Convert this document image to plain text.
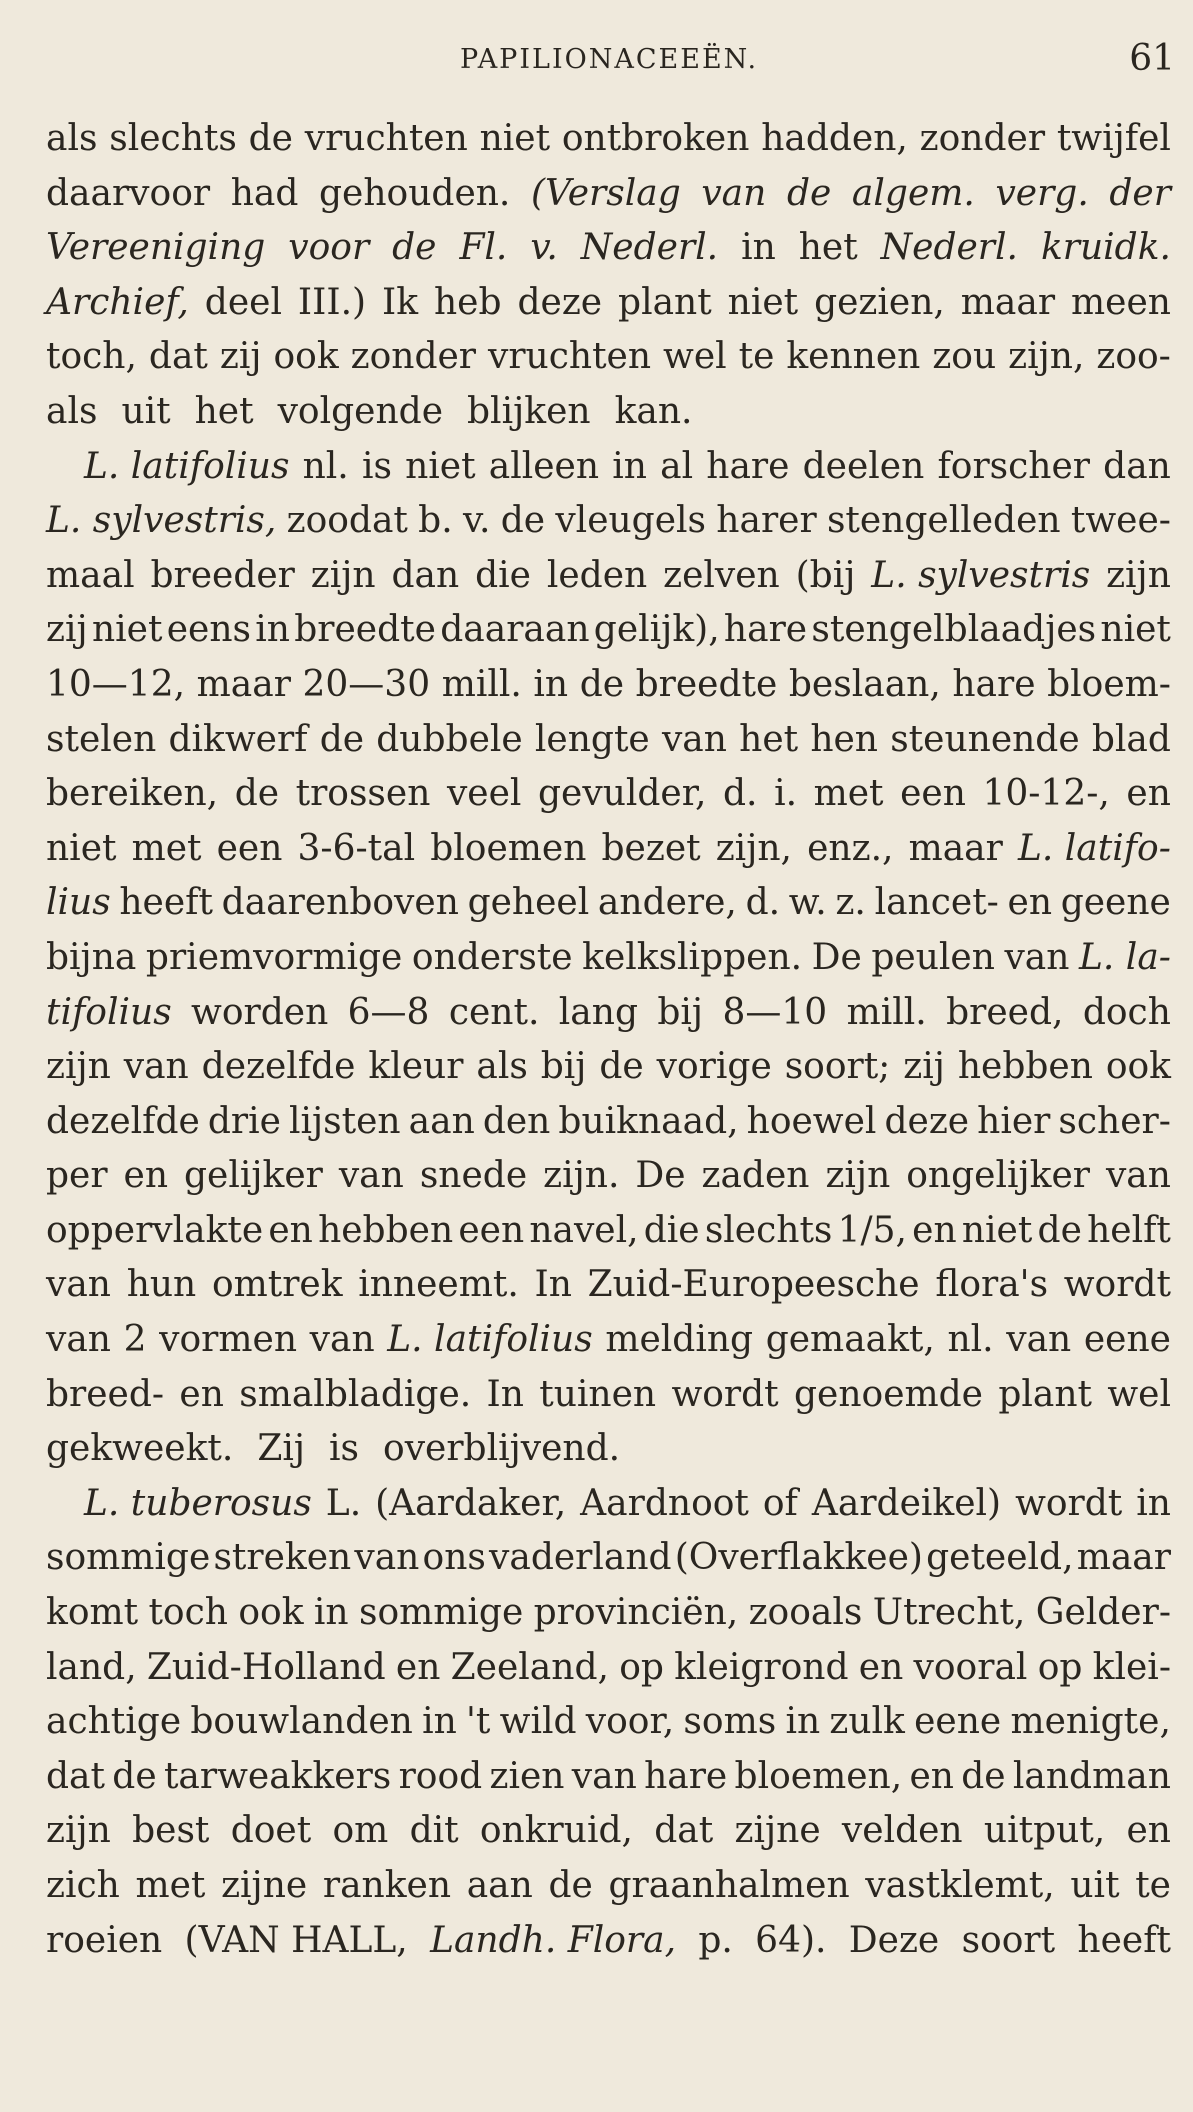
PAPILIONACEEËN.	61
als slechts de vruchten niet ontbroken hadden, zonder twijfel
daarvoor had gehouden. (Verslag van de algem. verg. der
Vereeniging voor de Fl. v. Nederl. in het Nederl. kruidk.
Archief, deel III.) Ik heb deze plant niet gezien, maar meen
toch, dat zij ook zonder vruchten wel te kennen zou zijn, zoo-
als uit het volgende blijken kan.
L. latifolius nl. is niet alleen in al hare deelen forscher dan
L. sylvestris, zoodat b. v. de vleugels harer stengelleden twee-
maal breeder zijn dan die leden zelven (bij L. sylvestris zijn
zij niet eens in breedte daaraan gelijk), hare stengelblaadjes niet
10—12, maar 20—30 mill. in de breedte beslaan, hare bloem-
stelen dikwerf de dubbele lengte van het hen steunende blad
bereiken, de trossen veel gevulder, d. i. met een 10-12-, en
niet met een 3-6-tal bloemen bezet zijn, enz., maar L. latifo-
lius heeft daarenboven geheel andere, d. w. z. lancet- en geene
bijna priemvormige onderste kelkslippen. De peulen van L. la-
tifolius worden 6—8 cent. lang bij 8—10 mill. breed, doch
zijn van dezelfde kleur als bij de vorige soort; zij hebben ook
dezelfde drie lijsten aan den buiknaad, hoewel deze hier scher-
per en gelijker van snede zijn. De zaden zijn ongelijker van
oppervlakte en hebben een navel, die slechts 1/5, en niet de helft
van hun omtrek inneemt. In Zuid-Europeesche flora's wordt
van 2 vormen van L. latifolius melding gemaakt, nl. van eene
breed- en smalbladige. In tuinen wordt genoemde plant wel
gekweekt. Zij is overblijvend.
L. tuberosus L. (Aardaker, Aardnoot of Aardeikel) wordt in
sommige streken van ons vaderland (Overflakkee) geteeld, maar
komt toch ook in sommige provinciën, zooals Utrecht, Gelder-
land, Zuid-Holland en Zeeland, op kleigrond en vooral op klei-
achtige bouwlanden in 't wild voor, soms in zulk eene menigte,
dat de tarweakkers rood zien van hare bloemen, en de landman
zijn best doet om dit onkruid, dat zijne velden uitput, en
zich met zijne ranken aan de graanhalmen vastklemt, uit te
roeien (VAN HALL, Landh. Flora, p. 64). Deze soort heeft
